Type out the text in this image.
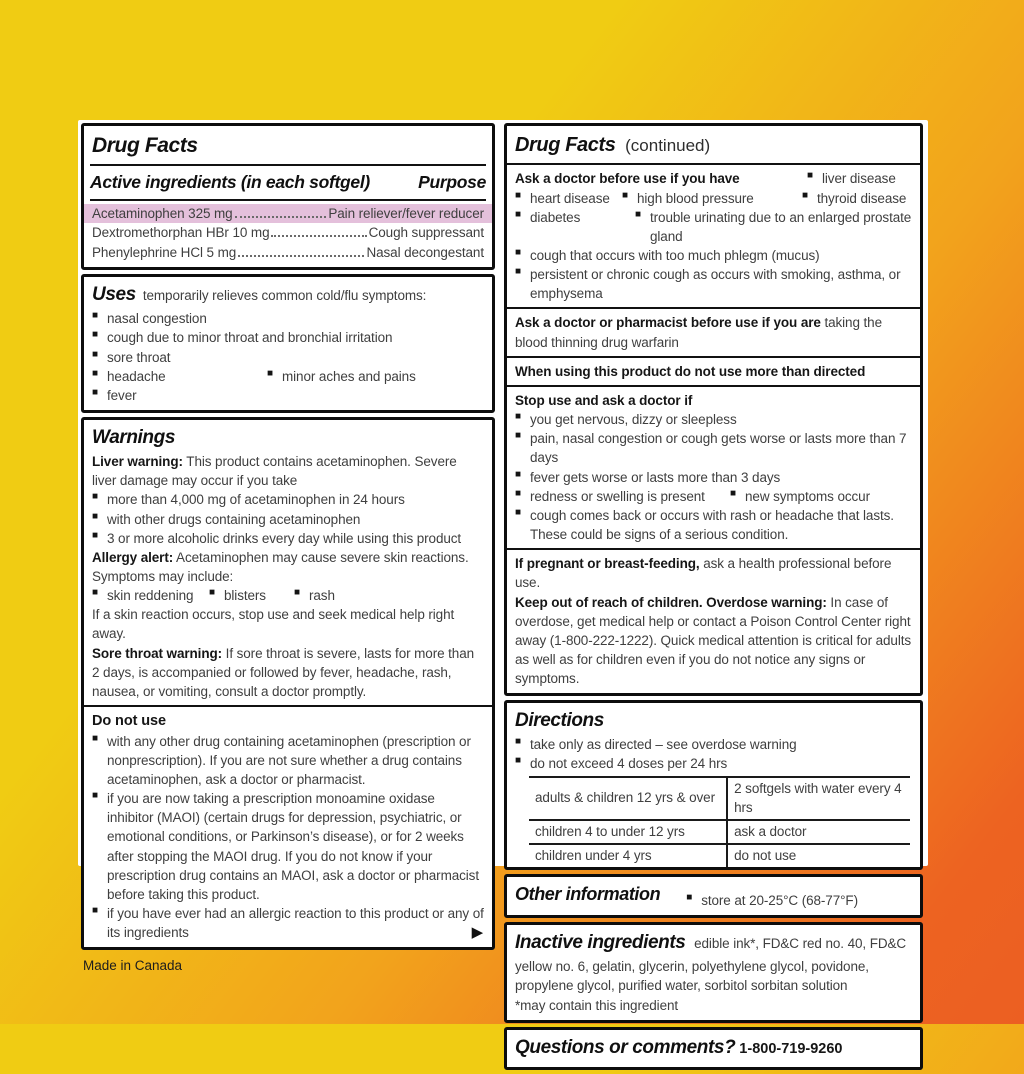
Drug Facts
Active ingredients (in each softgel)	Purpose
Acetaminophen 325 mg	Pain reliever/fever reducer
Dextromethorphan HBr 10 mg	Cough suppressant
Phenylephrine HCl 5 mg	Nasal decongestant
Uses temporarily relieves common cold/flu symptoms:
■ nasal congestion
■ cough due to minor throat and bronchial irritation
■ sore throat
■ headache	■ minor aches and pains
■ fever
Warnings

Liver warning: This product contains acetaminophen. Severe liver damage may occur if you take

■ more than 4,000 mg of acetaminophen in 24 hours
■ with other drugs containing acetaminophen
■ 3 or more alcoholic drinks every day while using this product

Allergy alert: Acetaminophen may cause severe skin reactions. Symptoms may include:

■ skin reddening	■ blisters	■ rash

If a skin reaction occurs, stop use and seek medical help right away.

Sore throat warning: If sore throat is severe, lasts for more than 2 days, is accompanied or followed by fever, headache, rash, nausea, or vomiting, consult a doctor promptly.

Do not use
■ with any other drug containing acetaminophen (prescription or nonprescription). If you are not sure whether a drug contains acetaminophen, ask a doctor or pharmacist.
■ if you are now taking a prescription monoamine oxidase inhibitor (MAOI) (certain drugs for depression, psychiatric, or emotional conditions, or Parkinson’s disease), or for 2 weeks after stopping the MAOI drug. If you do not know if your prescription drug contains an MAOI, ask a doctor or pharmacist before taking this product.
■ if you have ever had an allergic reaction to this product or any of its ingredients	▶
Made in Canada
Drug Facts (continued)
Ask a doctor before use if you have	■ liver disease
■ heart disease ■ high blood pressure	■ thyroid disease
■ diabetes	■ trouble urinating due to an enlarged prostate gland
■ cough that occurs with too much phlegm (mucus)
■ persistent or chronic cough as occurs with smoking, asthma, or emphysema

Ask a doctor or pharmacist before use if you are taking the blood thinning drug warfarin

When using this product do not use more than directed

Stop use and ask a doctor if
■ you get nervous, dizzy or sleepless
■ pain, nasal congestion or cough gets worse or lasts more than 7 days
■ fever gets worse or lasts more than 3 days
■ redness or swelling is present	■ new symptoms occur
■ cough comes back or occurs with rash or headache that lasts. These could be signs of a serious condition.

If pregnant or breast-feeding, ask a health professional before use.

Keep out of reach of children. Overdose warning: In case of overdose, get medical help or contact a Poison Control Center right away (1-800-222-1222). Quick medical attention is critical for adults as well as for children even if you do not notice any signs or symptoms.

Directions
■ take only as directed – see overdose warning
■ do not exceed 4 doses per 24 hrs
adults & children 12 yrs & over	2 softgels with water every 4 hrs
children 4 to under 12 yrs	ask a doctor
children under 4 yrs	do not use
Other information	■ store at 20-25°C (68-77°F)

Inactive ingredients edible ink*, FD&C red no. 40, FD&C yellow no. 6, gelatin, glycerin, polyethylene glycol, povidone, propylene glycol, purified water, sorbitol sorbitan solution

*may contain this ingredient

Questions or comments? 1-800-719-9260
